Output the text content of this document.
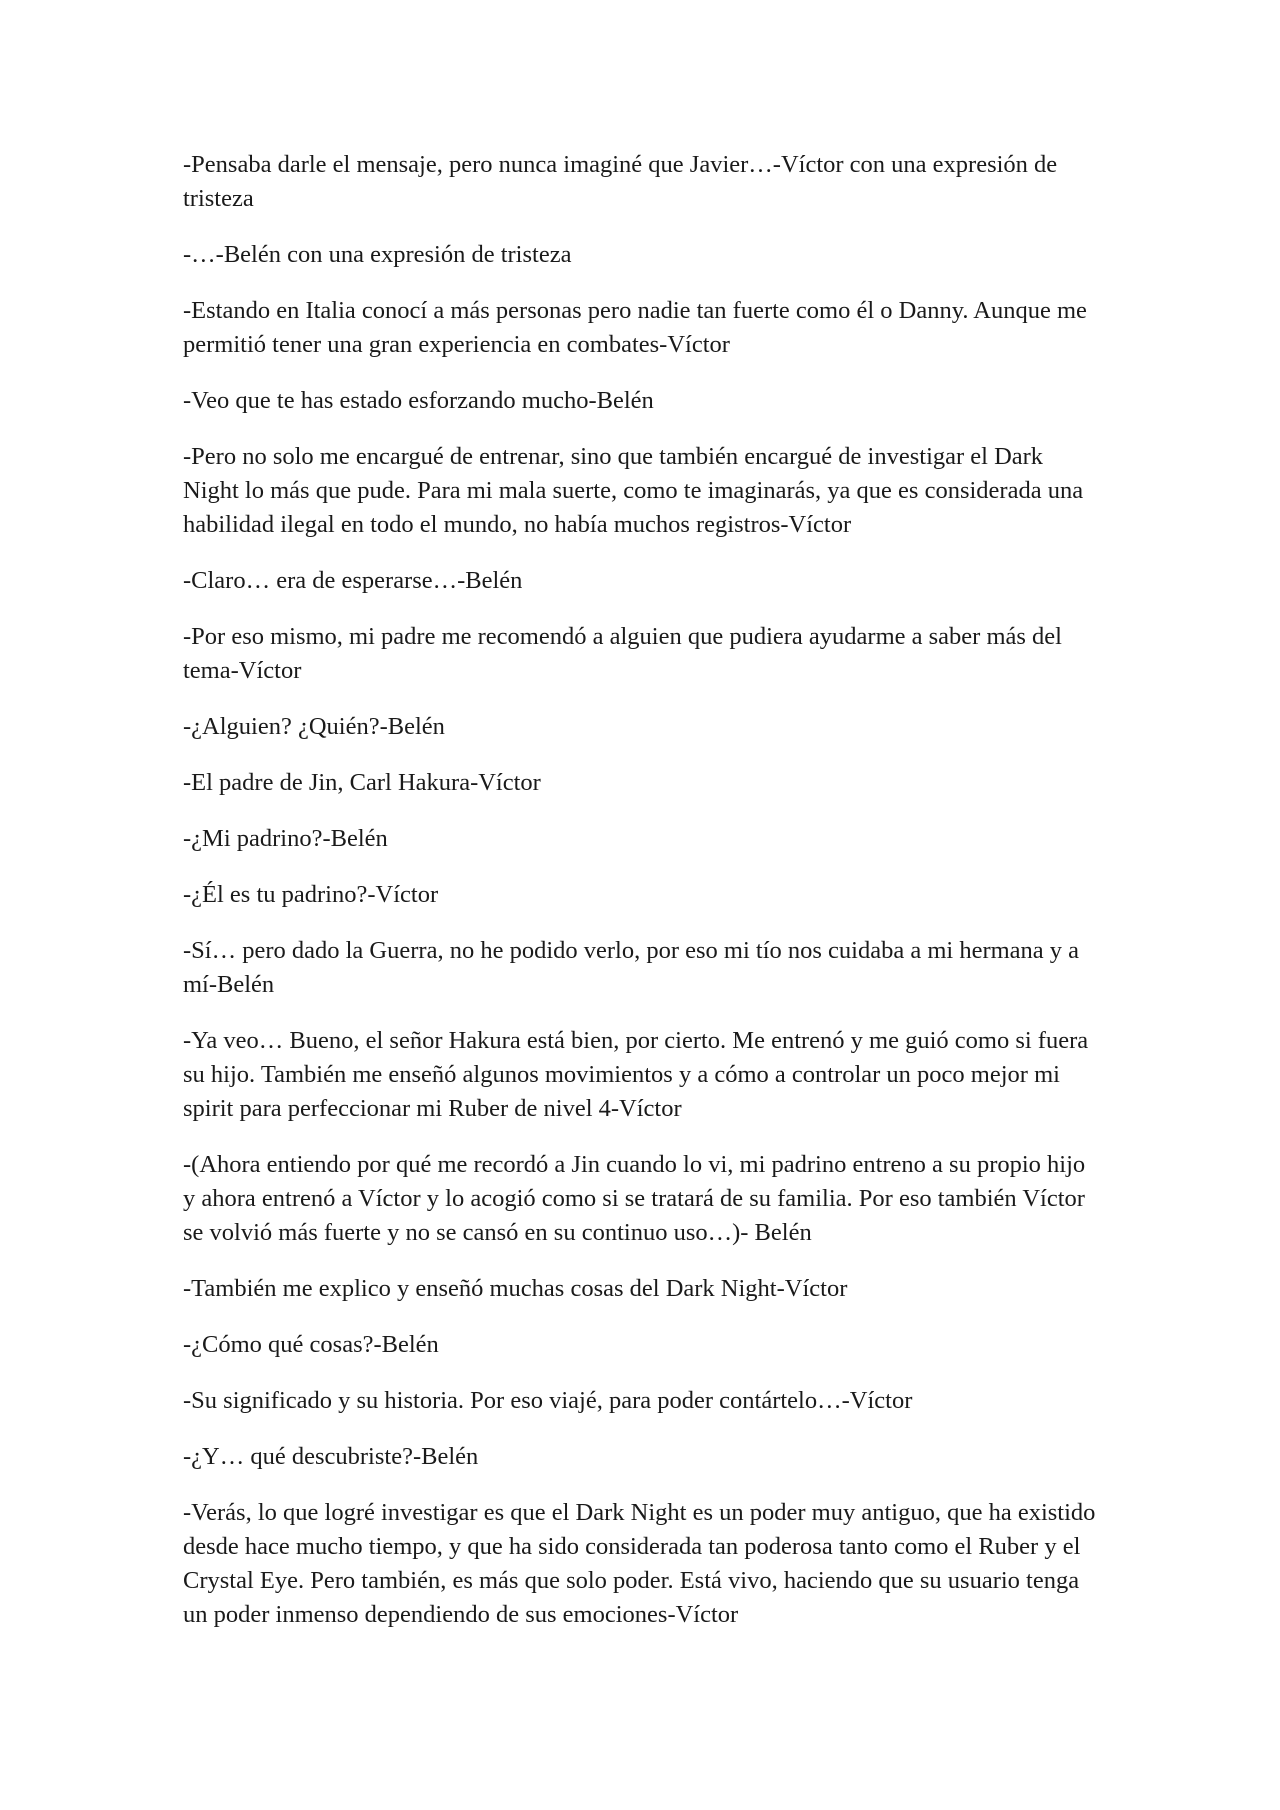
-Pensaba darle el mensaje, pero nunca imaginé que Javier…-Víctor con una expresión de tristeza

-…-Belén con una expresión de tristeza

-Estando en Italia conocí a más personas pero nadie tan fuerte como él o Danny. Aunque me permitió tener una gran experiencia en combates-Víctor

-Veo que te has estado esforzando mucho-Belén

-Pero no solo me encargué de entrenar, sino que también encargué de investigar el Dark Night lo más que pude. Para mi mala suerte, como te imaginarás, ya que es considerada una habilidad ilegal en todo el mundo, no había muchos registros-Víctor

-Claro… era de esperarse…-Belén

-Por eso mismo, mi padre me recomendó a alguien que pudiera ayudarme a saber más del tema-Víctor

-¿Alguien? ¿Quién?-Belén

-El padre de Jin, Carl Hakura-Víctor

-¿Mi padrino?-Belén

-¿Él es tu padrino?-Víctor

-Sí… pero dado la Guerra, no he podido verlo, por eso mi tío nos cuidaba a mi hermana y a mí-Belén

-Ya veo… Bueno, el señor Hakura está bien, por cierto. Me entrenó y me guió como si fuera su hijo. También me enseñó algunos movimientos y a cómo a controlar un poco mejor mi spirit para perfeccionar mi Ruber de nivel 4-Víctor

-(Ahora entiendo por qué me recordó a Jin cuando lo vi, mi padrino entreno a su propio hijo y ahora entrenó a Víctor y lo acogió como si se tratará de su familia. Por eso también Víctor se volvió más fuerte y no se cansó en su continuo uso…)- Belén

-También me explico y enseñó muchas cosas del Dark Night-Víctor

-¿Cómo qué cosas?-Belén

-Su significado y su historia. Por eso viajé, para poder contártelo…-Víctor

-¿Y… qué descubriste?-Belén

-Verás, lo que logré investigar es que el Dark Night es un poder muy antiguo, que ha existido desde hace mucho tiempo, y que ha sido considerada tan poderosa tanto como el Ruber y el Crystal Eye. Pero también, es más que solo poder. Está vivo, haciendo que su usuario tenga un poder inmenso dependiendo de sus emociones-Víctor
